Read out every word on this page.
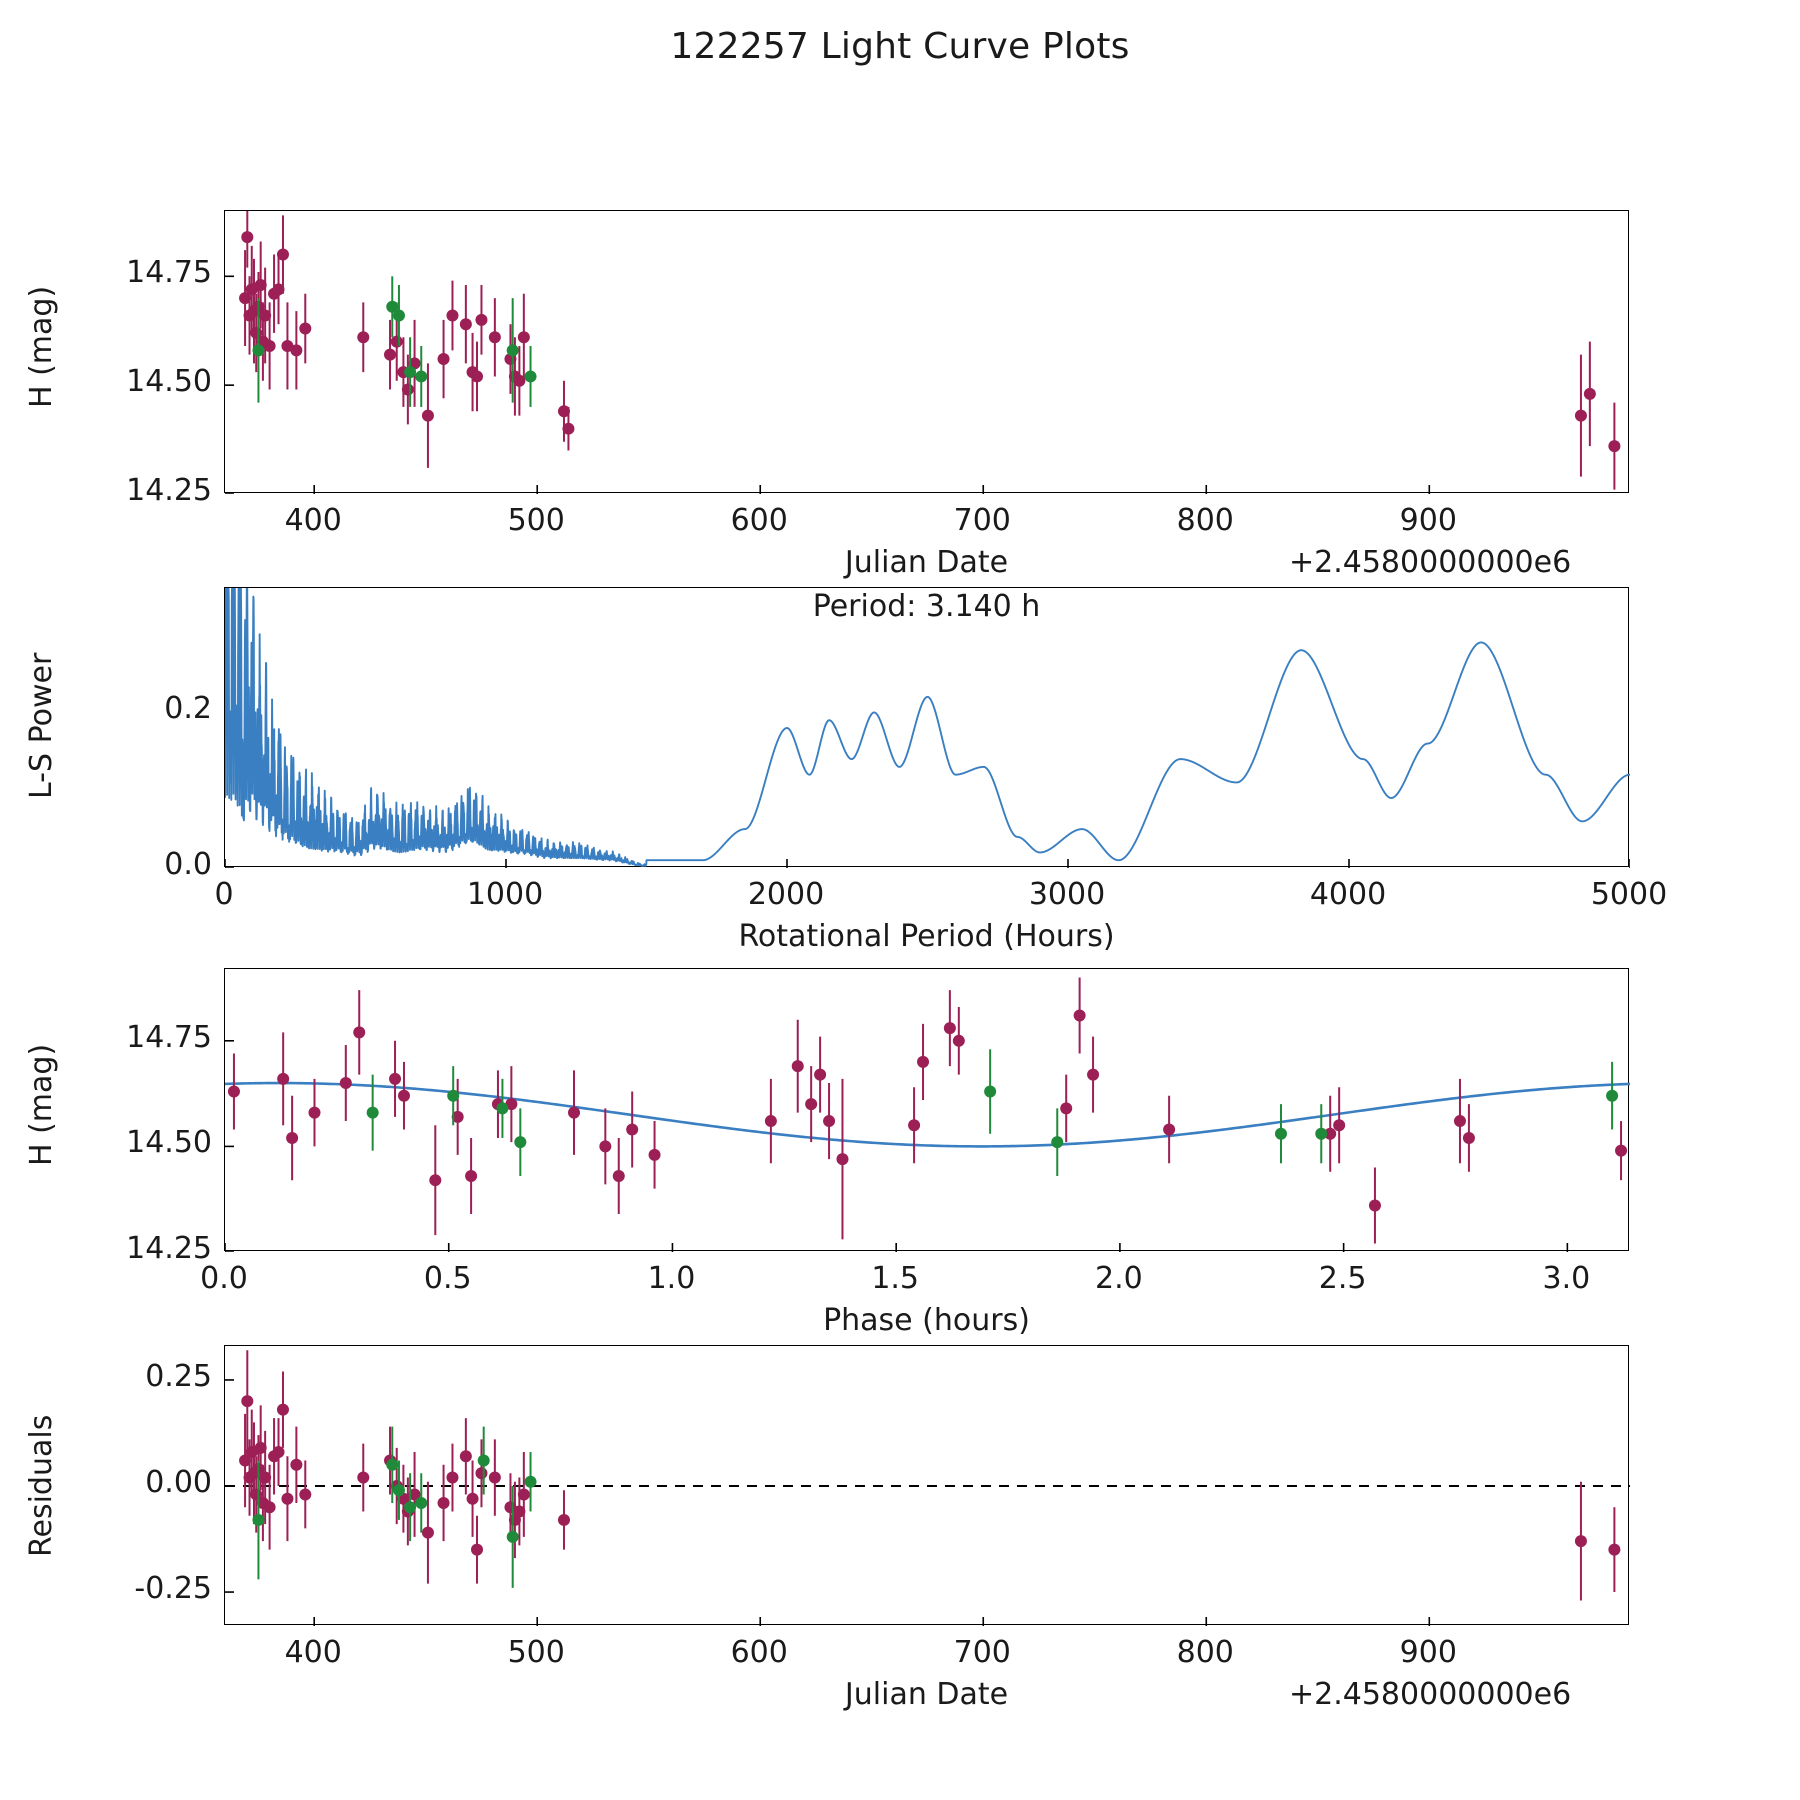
122257 Light Curve Plots
400	500	600	700	800	900
14.25
14.50
14.75
Julian Date
H (mag)
+2.4580000000e6
0	1000	2000	3000	4000	5000
0.0
0.2
Rotational Period (Hours)
L-S Power
Period: 3.140 h
0.0	0.5	1.0	1.5	2.0	2.5	3.0
14.25
14.50
14.75
Phase (hours)
H (mag)
400	500	600	700	800	900
-0.25
0.00
0.25
Julian Date
Residuals
+2.4580000000e6
